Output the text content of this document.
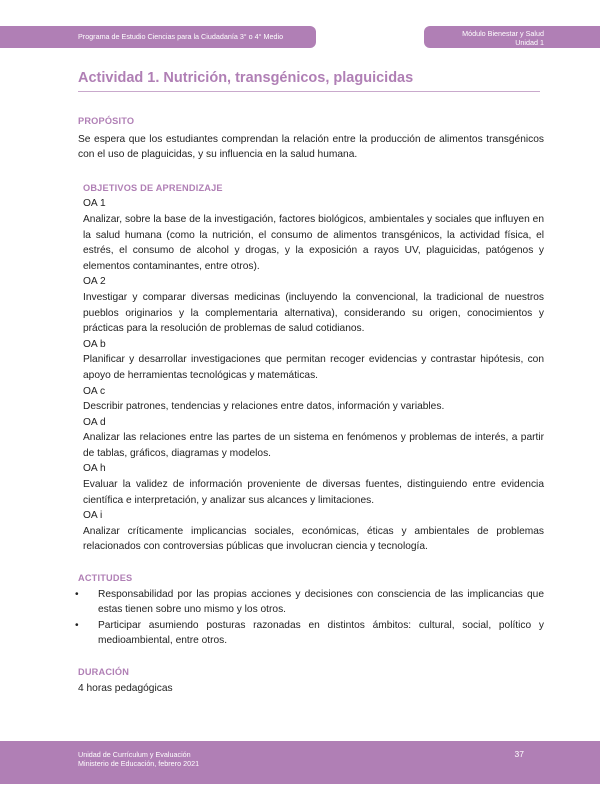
Programa de Estudio Ciencias para la Ciudadanía 3° o 4° Medio	Módulo Bienestar y Salud
Unidad 1
Actividad 1. Nutrición, transgénicos, plaguicidas
PROPÓSITO
Se espera que los estudiantes comprendan la relación entre la producción de alimentos transgénicos con el uso de plaguicidas, y su influencia en la salud humana.
OBJETIVOS DE APRENDIZAJE
OA 1
Analizar, sobre la base de la investigación, factores biológicos, ambientales y sociales que influyen en la salud humana (como la nutrición, el consumo de alimentos transgénicos, la actividad física, el estrés, el consumo de alcohol y drogas, y la exposición a rayos UV, plaguicidas, patógenos y elementos contaminantes, entre otros).
OA 2
Investigar y comparar diversas medicinas (incluyendo la convencional, la tradicional de nuestros pueblos originarios y la complementaria alternativa), considerando su origen, conocimientos y prácticas para la resolución de problemas de salud cotidianos.
OA b
Planificar y desarrollar investigaciones que permitan recoger evidencias y contrastar hipótesis, con apoyo de herramientas tecnológicas y matemáticas.
OA c
Describir patrones, tendencias y relaciones entre datos, información y variables.
OA d
Analizar las relaciones entre las partes de un sistema en fenómenos y problemas de interés, a partir de tablas, gráficos, diagramas y modelos.
OA h
Evaluar la validez de información proveniente de diversas fuentes, distinguiendo entre evidencia científica e interpretación, y analizar sus alcances y limitaciones.
OA i
Analizar críticamente implicancias sociales, económicas, éticas y ambientales de problemas relacionados con controversias públicas que involucran ciencia y tecnología.
ACTITUDES
• Responsabilidad por las propias acciones y decisiones con consciencia de las implicancias que estas tienen sobre uno mismo y los otros.
• Participar asumiendo posturas razonadas en distintos ámbitos: cultural, social, político y medioambiental, entre otros.
DURACIÓN
4 horas pedagógicas
Unidad de Currículum y Evaluación
Ministerio de Educación, febrero 2021
37
